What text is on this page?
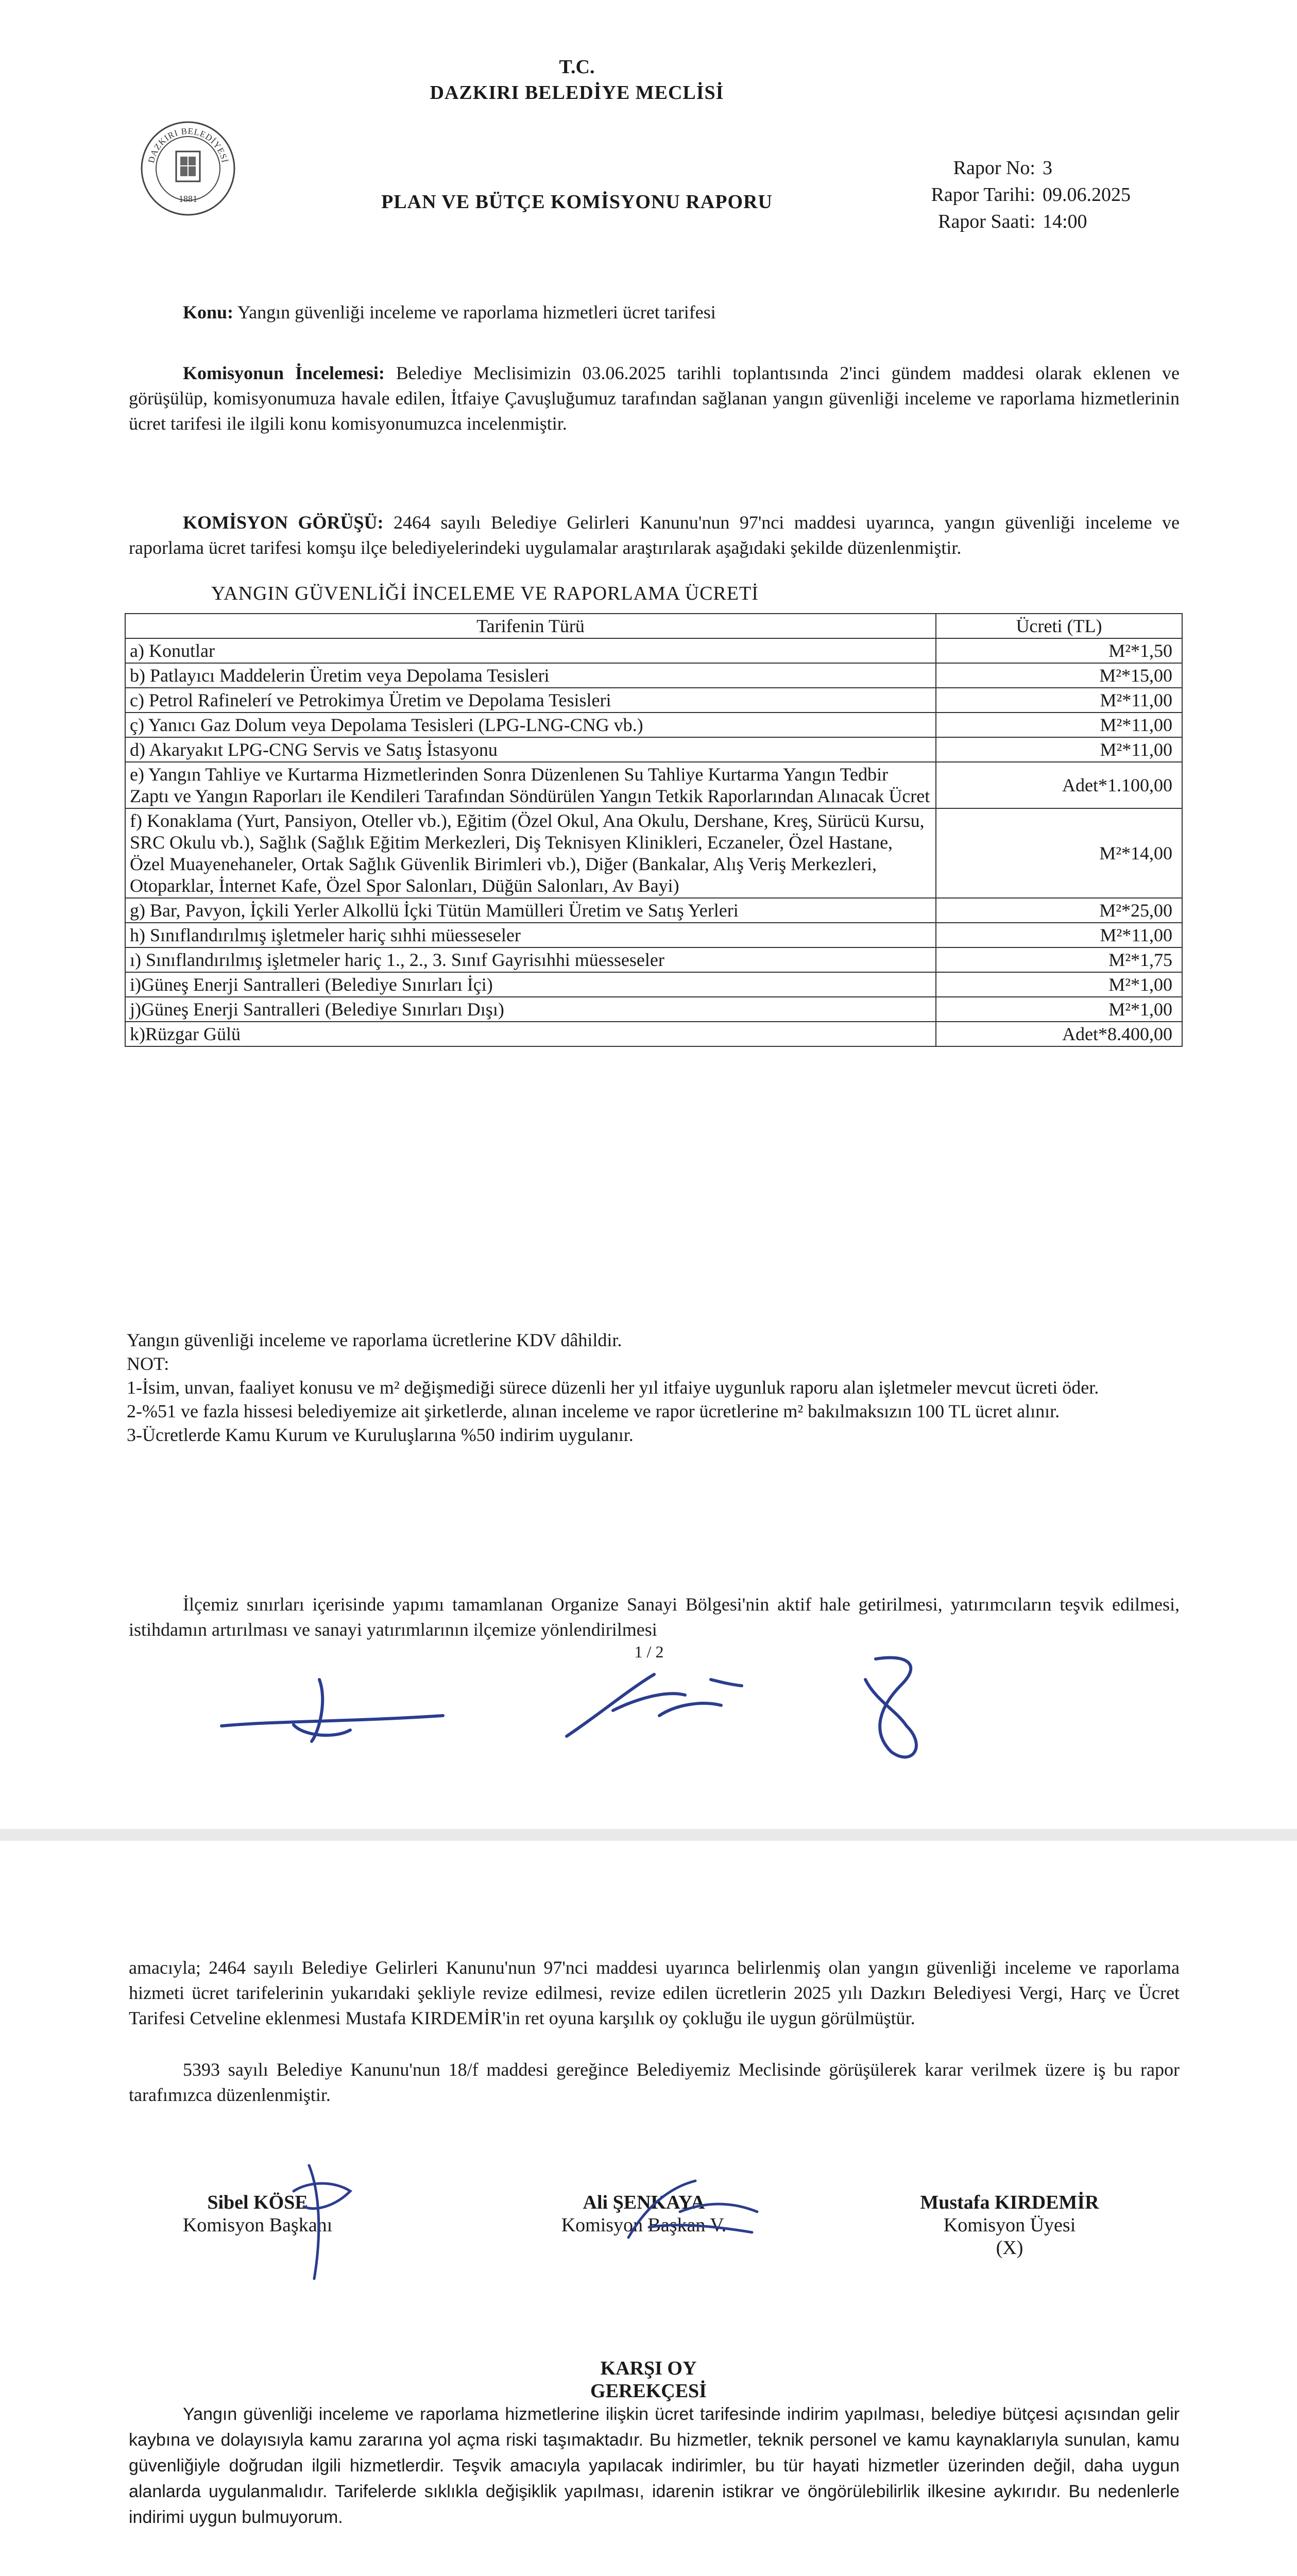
DAZKIRI BELEDİYESİ
1881
T.C.
DAZKIRI BELEDİYE MECLİSİ
PLAN VE BÜTÇE KOMİSYONU RAPORU
Rapor No: 3
Rapor Tarihi: 09.06.2025
Rapor Saati: 14:00
Konu: Yangın güvenliği inceleme ve raporlama hizmetleri ücret tarifesi
Komisyonun İncelemesi: Belediye Meclisimizin 03.06.2025 tarihli toplantısında 2'inci gündem maddesi olarak eklenen ve görüşülüp, komisyonumuza havale edilen, İtfaiye Çavuşluğumuz tarafından sağlanan yangın güvenliği inceleme ve raporlama hizmetlerinin ücret tarifesi ile ilgili konu komisyonumuzca incelenmiştir.
KOMİSYON GÖRÜŞÜ: 2464 sayılı Belediye Gelirleri Kanunu'nun 97'nci maddesi uyarınca, yangın güvenliği inceleme ve raporlama ücret tarifesi komşu ilçe belediyelerindeki uygulamalar araştırılarak aşağıdaki şekilde düzenlenmiştir.
YANGIN GÜVENLİĞİ İNCELEME VE RAPORLAMA ÜCRETİ
Tarifenin Türü	Ücreti (TL)
a) Konutlar	M²*1,50
b) Patlayıcı Maddelerin Üretim veya Depolama Tesisleri	M²*15,00
c) Petrol Rafinelerí ve Petrokimya Üretim ve Depolama Tesisleri	M²*11,00
ç) Yanıcı Gaz Dolum veya Depolama Tesisleri (LPG-LNG-CNG vb.)	M²*11,00
d) Akaryakıt LPG-CNG Servis ve Satış İstasyonu	M²*11,00
e) Yangın Tahliye ve Kurtarma Hizmetlerinden Sonra Düzenlenen Su Tahliye Kurtarma Yangın Tedbir Zaptı ve Yangın Raporları ile Kendileri Tarafından Söndürülen Yangın Tetkik Raporlarından Alınacak Ücret	Adet*1.100,00
f) Konaklama (Yurt, Pansiyon, Oteller vb.), Eğitim (Özel Okul, Ana Okulu, Dershane, Kreş, Sürücü Kursu, SRC Okulu vb.), Sağlık (Sağlık Eğitim Merkezleri, Diş Teknisyen Klinikleri, Eczaneler, Özel Hastane, Özel Muayenehaneler, Ortak Sağlık Güvenlik Birimleri vb.), Diğer (Bankalar, Alış Veriş Merkezleri, Otoparklar, İnternet Kafe, Özel Spor Salonları, Düğün Salonları, Av Bayi)	M²*14,00
g) Bar, Pavyon, İçkili Yerler Alkollü İçki Tütün Mamülleri Üretim ve Satış Yerleri	M²*25,00
h) Sınıflandırılmış işletmeler hariç sıhhi müesseseler	M²*11,00
ı) Sınıflandırılmış işletmeler hariç 1., 2., 3. Sınıf Gayrisıhhi müesseseler	M²*1,75
i)Güneş Enerji Santralleri (Belediye Sınırları İçi)	M²*1,00
j)Güneş Enerji Santralleri (Belediye Sınırları Dışı)	M²*1,00
k)Rüzgar Gülü	Adet*8.400,00
Yangın güvenliği inceleme ve raporlama ücretlerine KDV dâhildir.
NOT:
1-İsim, unvan, faaliyet konusu ve m² değişmediği sürece düzenli her yıl itfaiye uygunluk raporu alan işletmeler mevcut ücreti öder.
2-%51 ve fazla hissesi belediyemize ait şirketlerde, alınan inceleme ve rapor ücretlerine m² bakılmaksızın 100 TL ücret alınır.
3-Ücretlerde Kamu Kurum ve Kuruluşlarına %50 indirim uygulanır.
İlçemiz sınırları içerisinde yapımı tamamlanan Organize Sanayi Bölgesi'nin aktif hale getirilmesi, yatırımcıların teşvik edilmesi, istihdamın artırılması ve sanayi yatırımlarının ilçemize yönlendirilmesi
1 / 2
amacıyla; 2464 sayılı Belediye Gelirleri Kanunu'nun 97'nci maddesi uyarınca belirlenmiş olan yangın güvenliği inceleme ve raporlama hizmeti ücret tarifelerinin yukarıdaki şekliyle revize edilmesi, revize edilen ücretlerin 2025 yılı Dazkırı Belediyesi Vergi, Harç ve Ücret Tarifesi Cetveline eklenmesi Mustafa KIRDEMİR'in ret oyuna karşılık oy çokluğu ile uygun görülmüştür.
5393 sayılı Belediye Kanunu'nun 18/f maddesi gereğince Belediyemiz Meclisinde görüşülerek karar verilmek üzere iş bu rapor tarafımızca düzenlenmiştir.
Sibel KÖSE
Komisyon Başkanı
Ali ŞENKAYA
Komisyon Başkan V.
Mustafa KIRDEMİR
Komisyon Üyesi
(X)
KARŞI OY GEREKÇESİ
Yangın güvenliği inceleme ve raporlama hizmetlerine ilişkin ücret tarifesinde indirim yapılması, belediye bütçesi açısından gelir kaybına ve dolayısıyla kamu zararına yol açma riski taşımaktadır. Bu hizmetler, teknik personel ve kamu kaynaklarıyla sunulan, kamu güvenliğiyle doğrudan ilgili hizmetlerdir. Teşvik amacıyla yapılacak indirimler, bu tür hayati hizmetler üzerinden değil, daha uygun alanlarda uygulanmalıdır. Tarifelerde sıklıkla değişiklik yapılması, idarenin istikrar ve öngörülebilirlik ilkesine aykırıdır. Bu nedenlerle indirimi uygun bulmuyorum.
